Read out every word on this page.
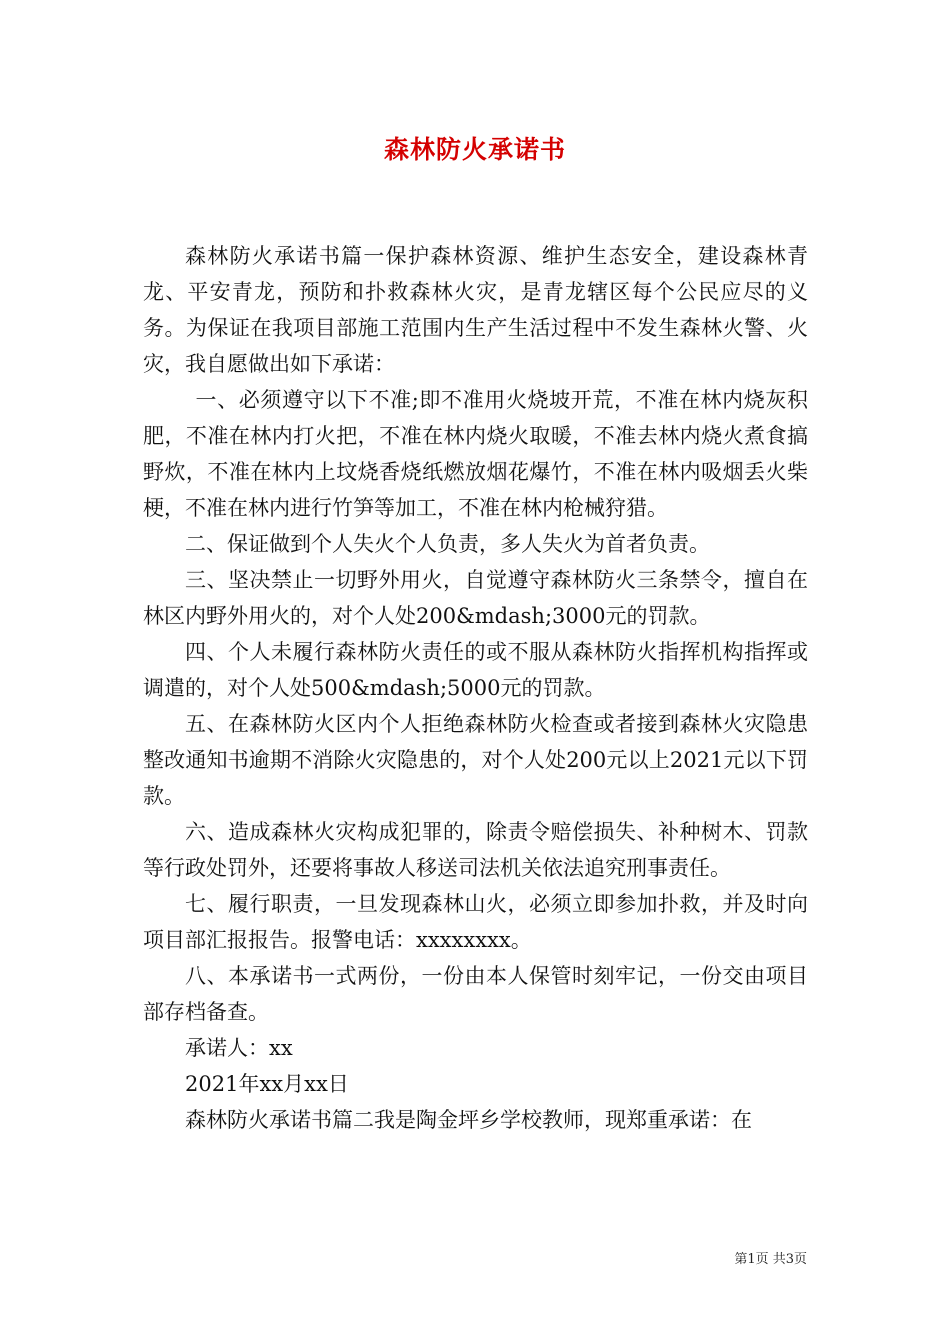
森林防火承诺书

森林防火承诺书篇一保护森林资源、维护生态安全，建设森林青龙、平安青龙，预防和扑救森林火灾，是青龙辖区每个公民应尽的义务。为保证在我项目部施工范围内生产生活过程中不发生森林火警、火灾，我自愿做出如下承诺：

一、必须遵守以下不准;即不准用火烧坡开荒，不准在林内烧灰积肥，不准在林内打火把，不准在林内烧火取暖，不准去林内烧火煮食搞野炊，不准在林内上坟烧香烧纸燃放烟花爆竹，不准在林内吸烟丢火柴梗，不准在林内进行竹笋等加工，不准在林内枪械狩猎。

二、保证做到个人失火个人负责，多人失火为首者负责。

三、坚决禁止一切野外用火，自觉遵守森林防火三条禁令，擅自在林区内野外用火的，对个人处200&mdash;3000元的罚款。

四、个人未履行森林防火责任的或不服从森林防火指挥机构指挥或调遣的，对个人处500&mdash;5000元的罚款。

五、在森林防火区内个人拒绝森林防火检查或者接到森林火灾隐患整改通知书逾期不消除火灾隐患的，对个人处200元以上2021元以下罚款。

六、造成森林火灾构成犯罪的，除责令赔偿损失、补种树木、罚款等行政处罚外，还要将事故人移送司法机关依法追究刑事责任。

七、履行职责，一旦发现森林山火，必须立即参加扑救，并及时向项目部汇报报告。报警电话：xxxxxxxx。

八、本承诺书一式两份，一份由本人保管时刻牢记，一份交由项目部存档备查。

承诺人：xx

2021年xx月xx日

森林防火承诺书篇二我是陶金坪乡学校教师，现郑重承诺：在

第1页 共3页
